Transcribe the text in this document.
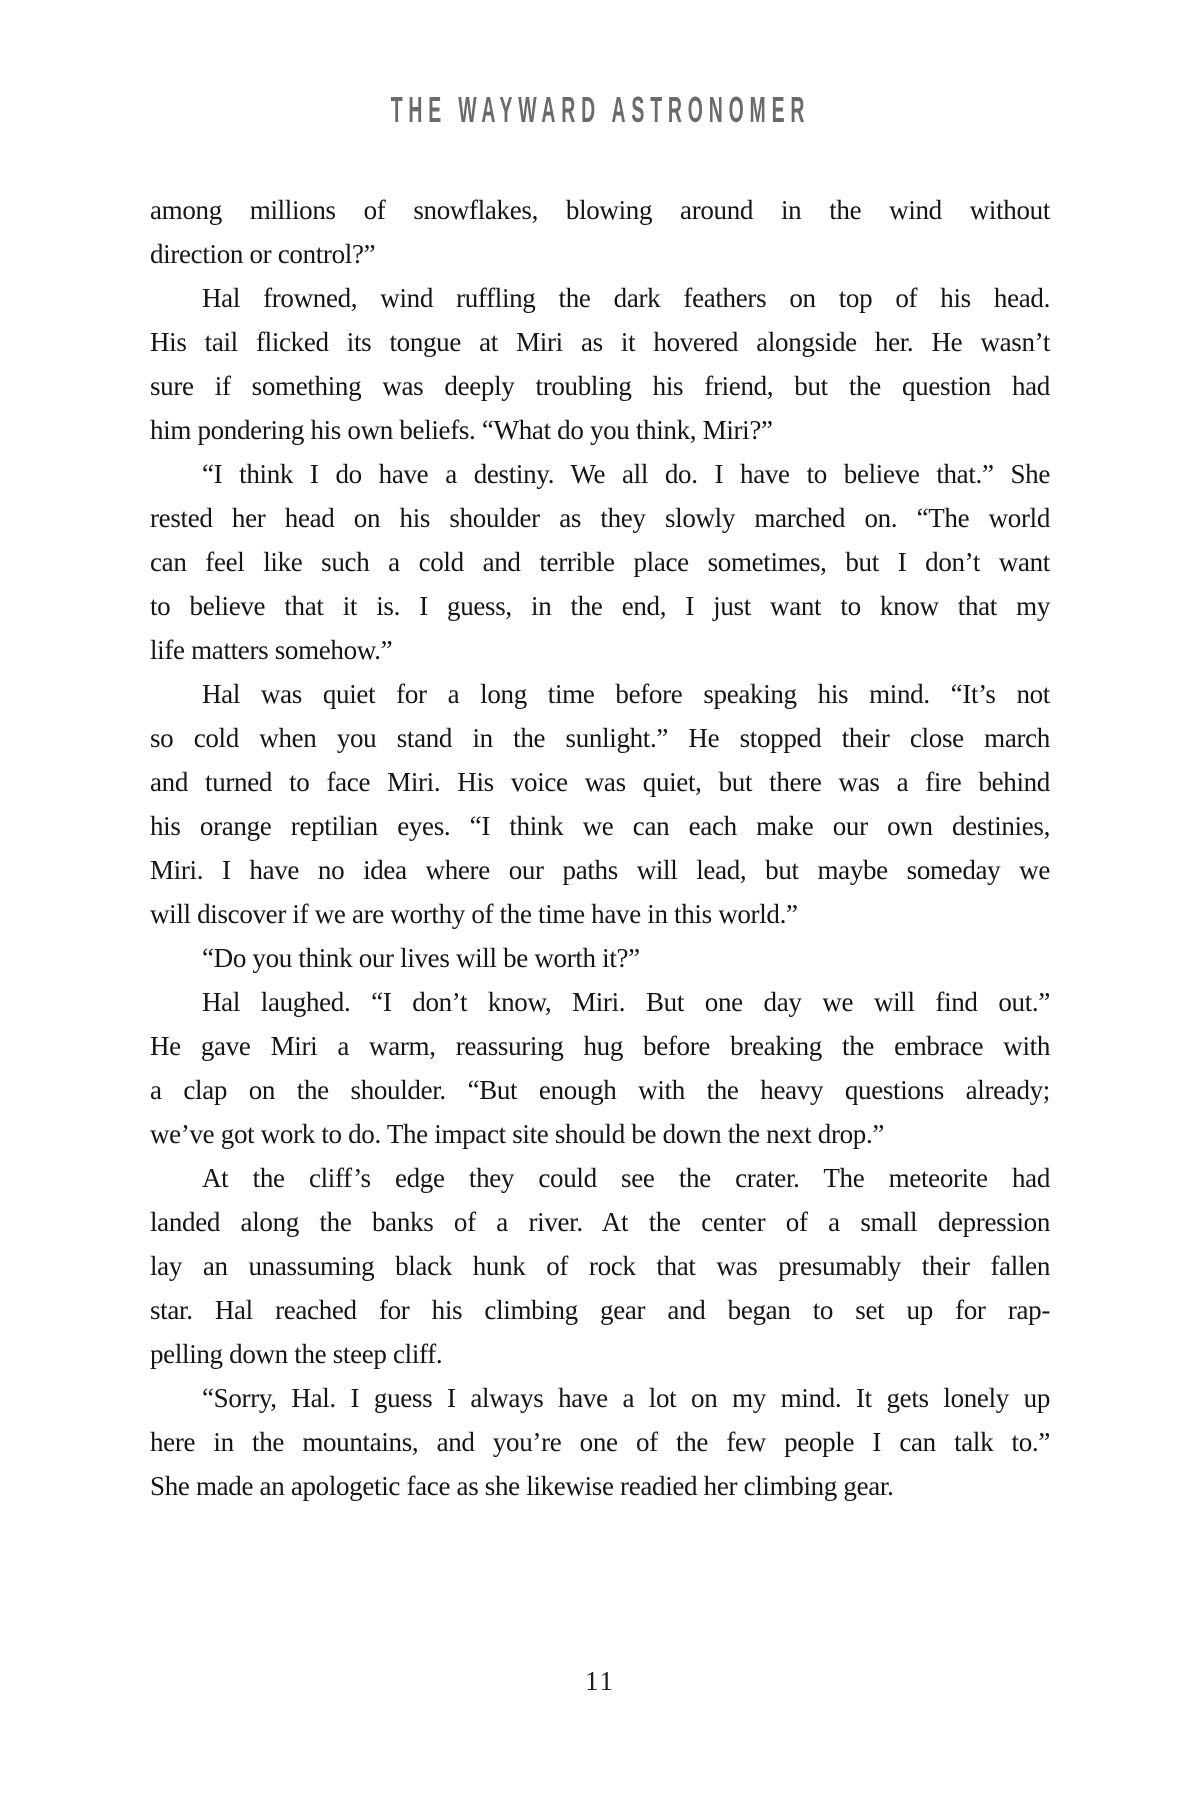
THE WAYWARD ASTRONOMER

among millions of snowflakes, blowing around in the wind without
direction or control?”

Hal frowned, wind ruffling the dark feathers on top of his head.
His tail flicked its tongue at Miri as it hovered alongside her. He wasn’t
sure if something was deeply troubling his friend, but the question had
him pondering his own beliefs. “What do you think, Miri?”

“I think I do have a destiny. We all do. I have to believe that.” She
rested her head on his shoulder as they slowly marched on. “The world
can feel like such a cold and terrible place sometimes, but I don’t want
to believe that it is. I guess, in the end, I just want to know that my
life matters somehow.”

Hal was quiet for a long time before speaking his mind. “It’s not
so cold when you stand in the sunlight.” He stopped their close march
and turned to face Miri. His voice was quiet, but there was a fire behind
his orange reptilian eyes. “I think we can each make our own destinies,
Miri. I have no idea where our paths will lead, but maybe someday we
will discover if we are worthy of the time have in this world.”

“Do you think our lives will be worth it?”

Hal laughed. “I don’t know, Miri. But one day we will find out.”
He gave Miri a warm, reassuring hug before breaking the embrace with
a clap on the shoulder. “But enough with the heavy questions already;
we’ve got work to do. The impact site should be down the next drop.”

At the cliff’s edge they could see the crater. The meteorite had
landed along the banks of a river. At the center of a small depression
lay an unassuming black hunk of rock that was presumably their fallen
star. Hal reached for his climbing gear and began to set up for rap-
pelling down the steep cliff.

“Sorry, Hal. I guess I always have a lot on my mind. It gets lonely up
here in the mountains, and you’re one of the few people I can talk to.”
She made an apologetic face as she likewise readied her climbing gear.

11
